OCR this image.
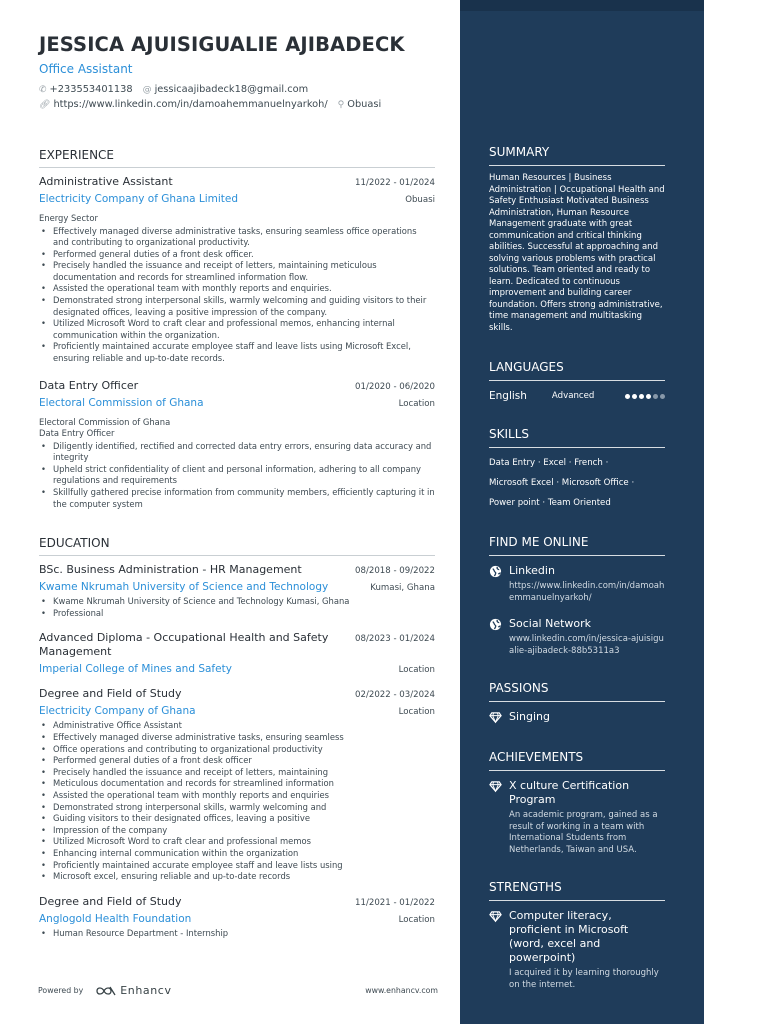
JESSICA AJUISIGUALIE AJIBADECK
Office Assistant
✆ +233553401138 @ jessicaajibadeck18@gmail.com
🔗︎ https://www.linkedin.com/in/damoahemmanuelnyarkoh/ ⚲ Obuasi
EXPERIENCE
Administrative Assistant	11/2022 - 01/2024
Electricity Company of Ghana Limited	Obuasi
Energy Sector
• Effectively managed diverse administrative tasks, ensuring seamless office operations and contributing to organizational productivity.
• Performed general duties of a front desk officer.
• Precisely handled the issuance and receipt of letters, maintaining meticulous documentation and records for streamlined information flow.
• Assisted the operational team with monthly reports and enquiries.
• Demonstrated strong interpersonal skills, warmly welcoming and guiding visitors to their designated offices, leaving a positive impression of the company.
• Utilized Microsoft Word to craft clear and professional memos, enhancing internal communication within the organization.
• Proficiently maintained accurate employee staff and leave lists using Microsoft Excel, ensuring reliable and up-to-date records.
Data Entry Officer	01/2020 - 06/2020
Electoral Commission of Ghana	Location
Electoral Commission of Ghana
Data Entry Officer
• Diligently identified, rectified and corrected data entry errors, ensuring data accuracy and integrity
• Upheld strict confidentiality of client and personal information, adhering to all company regulations and requirements
• Skillfully gathered precise information from community members, efficiently capturing it in the computer system
EDUCATION
BSc. Business Administration - HR Management	08/2018 - 09/2022
Kwame Nkrumah University of Science and Technology	Kumasi, Ghana
• Kwame Nkrumah University of Science and Technology Kumasi, Ghana
• Professional
Advanced Diploma - Occupational Health and Safety Management
08/2023 - 01/2024
Imperial College of Mines and Safety	Location
Degree and Field of Study	02/2022 - 03/2024
Electricity Company of Ghana	Location
• Administrative Office Assistant
• Effectively managed diverse administrative tasks, ensuring seamless
• Office operations and contributing to organizational productivity
• Performed general duties of a front desk officer
• Precisely handled the issuance and receipt of letters, maintaining
• Meticulous documentation and records for streamlined information
• Assisted the operational team with monthly reports and enquiries
• Demonstrated strong interpersonal skills, warmly welcoming and
• Guiding visitors to their designated offices, leaving a positive
• Impression of the company
• Utilized Microsoft Word to craft clear and professional memos
• Enhancing internal communication within the organization
• Proficiently maintained accurate employee staff and leave lists using
• Microsoft excel, ensuring reliable and up-to-date records
Degree and Field of Study	11/2021 - 01/2022
Anglogold Health Foundation	Location
• Human Resource Department - Internship
Powered by	Enhancv	www.enhancv.com
SUMMARY
Human Resources | Business Administration | Occupational Health and Safety Enthusiast Motivated Business Administration, Human Resource Management graduate with great communication and critical thinking abilities. Successful at approaching and solving various problems with practical solutions. Team oriented and ready to learn. Dedicated to continuous improvement and building career foundation. Offers strong administrative, time management and multitasking skills.
LANGUAGES
English	Advanced
SKILLS
Data Entry · Excel · French ·
Microsoft Excel · Microsoft Office ·
Power point · Team Oriented
FIND ME ONLINE
Linkedin
https://www.linkedin.com/in/damoahemmanuelnyarkoh/
Social Network
www.linkedin.com/in/jessica-ajuisigualie-ajibadeck-88b5311a3
PASSIONS
Singing
ACHIEVEMENTS
X culture Certification Program
An academic program, gained as a result of working in a team with International Students from Netherlands, Taiwan and USA.
STRENGTHS
Computer literacy, proficient in Microsoft (word, excel and powerpoint)
I acquired it by learning thoroughly on the internet.
